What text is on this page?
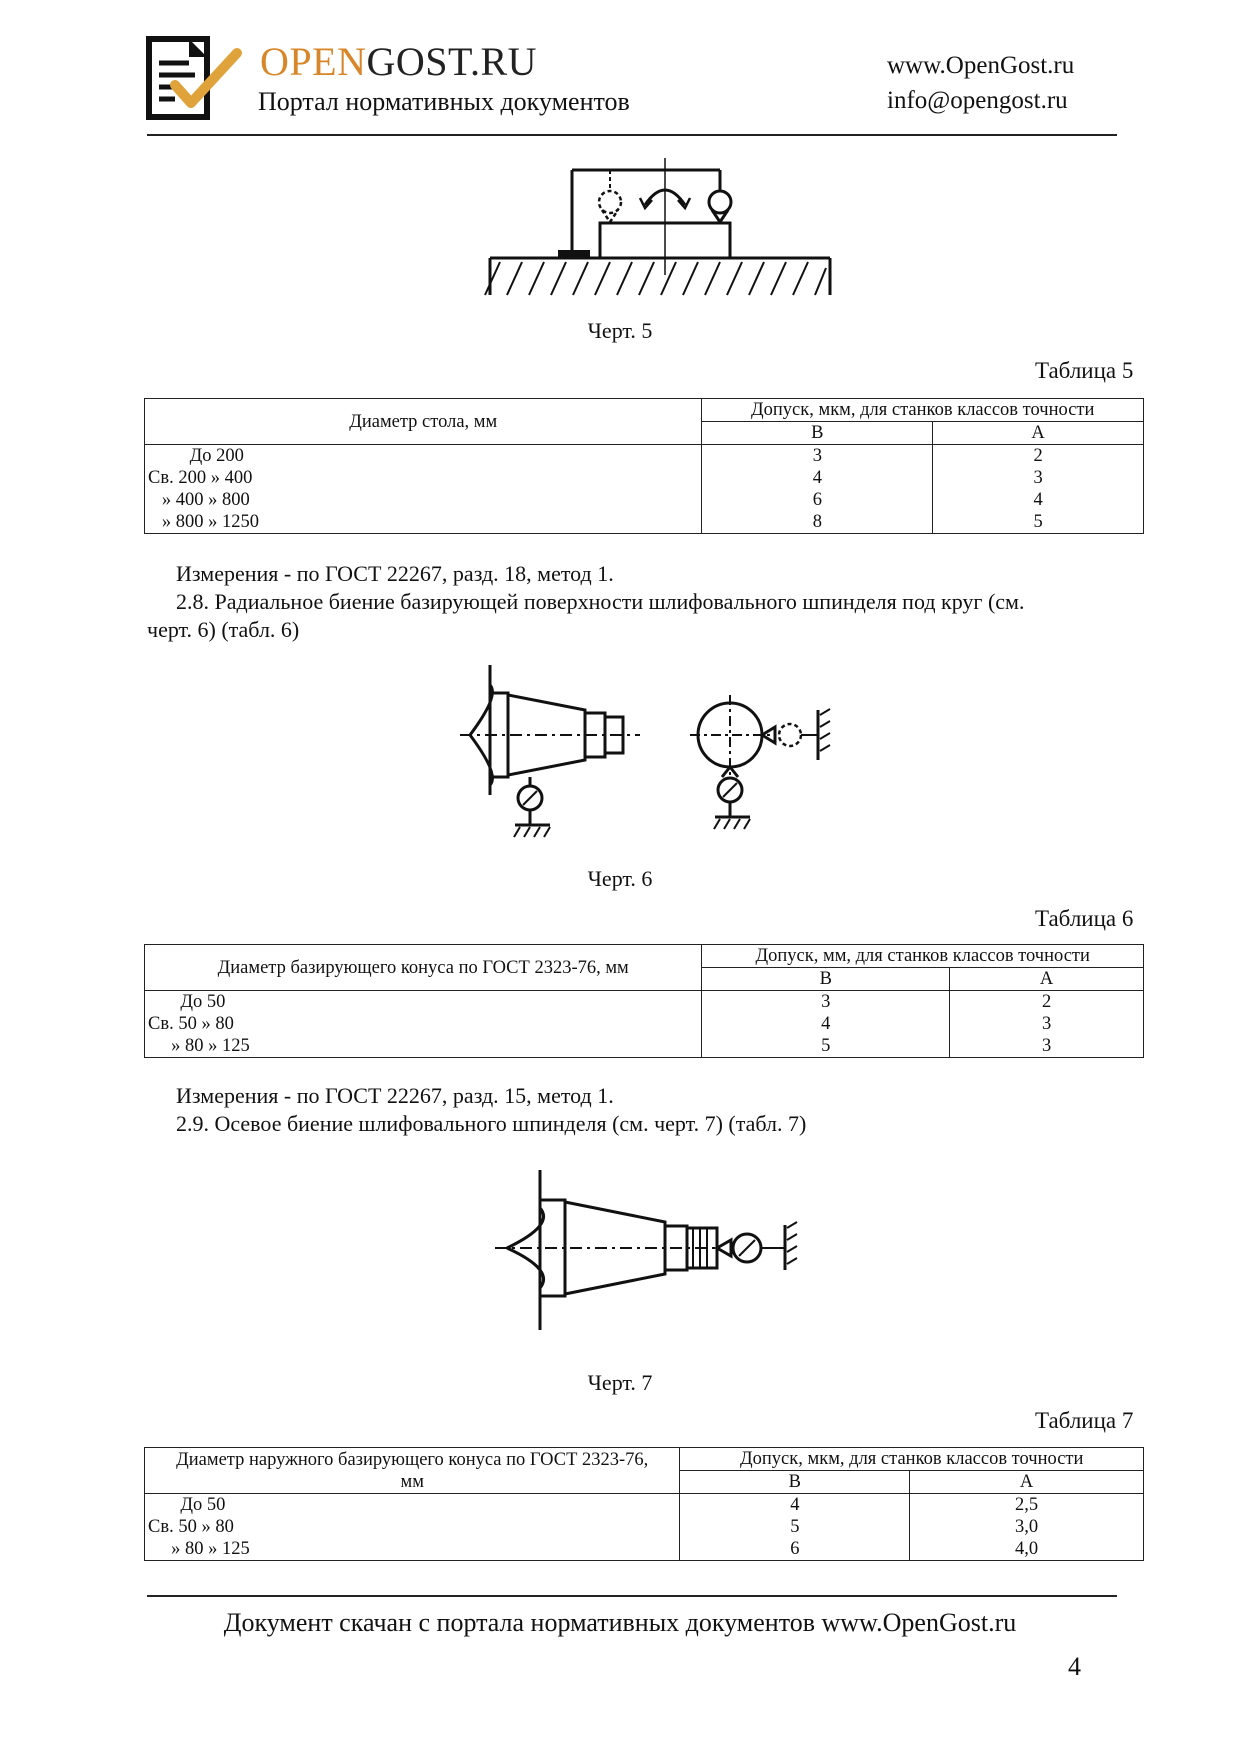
OPENGOST.RU
Портал нормативных документов
www.OpenGost.ru
info@opengost.ru
Черт. 5
Таблица 5
Диаметр стола, мм	Допуск, мкм, для станков классов точности	
	В	А
До 200	3	2
Св. 200 » 400	4	3
» 400 » 800	6	4
» 800 » 1250	8	5
Измерения - по ГОСТ 22267, разд. 18, метод 1.
2.8. Радиальное биение базирующей поверхности шлифовального шпинделя под круг (см.
черт. 6) (табл. 6)
Черт. 6
Таблица 6
Диаметр базирующего конуса по ГОСТ 2323-76, мм	Допуск, мм, для станков классов точности	
	В	А
До 50	3	2
Св. 50 » 80	4	3
» 80 » 125	5	3
Измерения - по ГОСТ 22267, разд. 15, метод 1.
2.9. Осевое биение шлифовального шпинделя (см. черт. 7) (табл. 7)
Черт. 7
Таблица 7
Диаметр наружного базирующего конуса по ГОСТ 2323-76,
мм	Допуск, мкм, для станков классов точности	
	В	А
До 50	4	2,5
Св. 50 » 80	5	3,0
» 80 » 125	6	4,0
Документ скачан с портала нормативных документов www.OpenGost.ru
4
